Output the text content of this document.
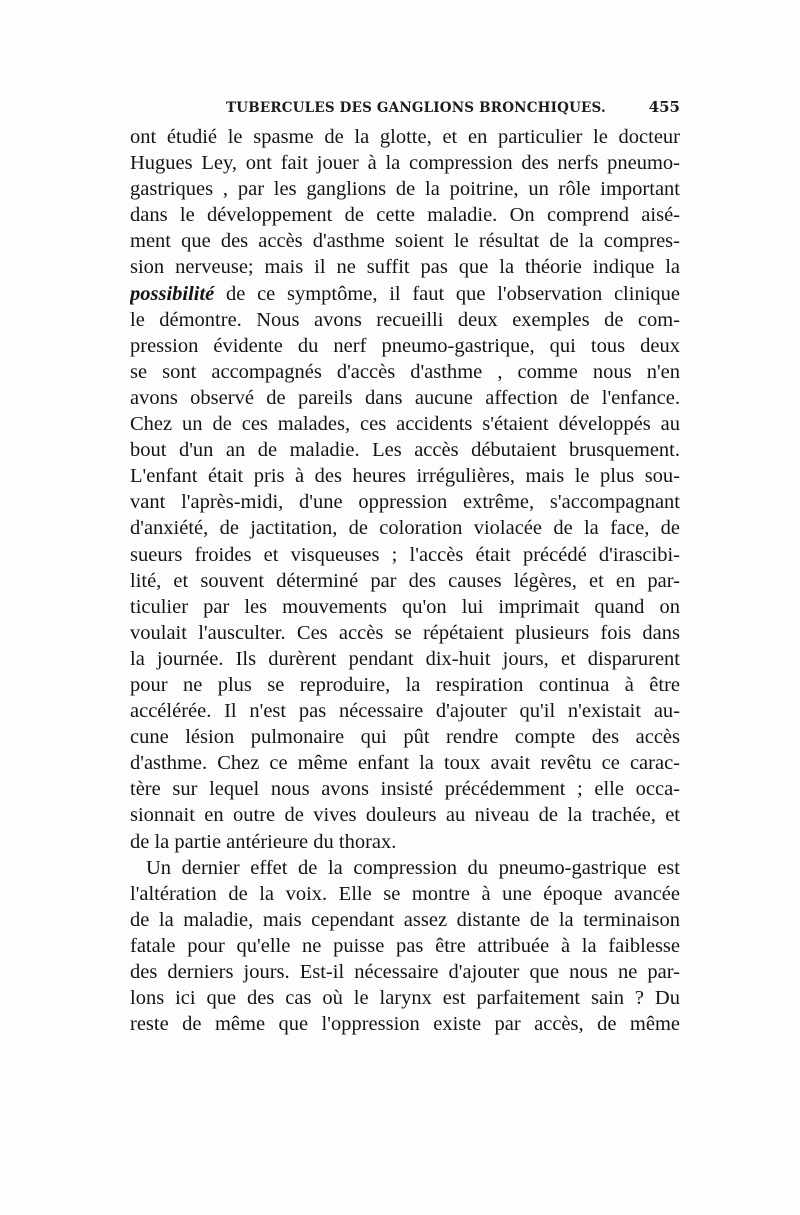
TUBERCULES DES GANGLIONS BRONCHIQUES.	455
ont étudié le spasme de la glotte, et en particulier le docteur
Hugues Ley, ont fait jouer à la compression des nerfs pneumo-
gastriques , par les ganglions de la poitrine, un rôle important
dans le développement de cette maladie. On comprend aisé-
ment que des accès d'asthme soient le résultat de la compres-
sion nerveuse; mais il ne suffit pas que la théorie indique la
possibilité de ce symptôme, il faut que l'observation clinique
le démontre. Nous avons recueilli deux exemples de com-
pression évidente du nerf pneumo-gastrique, qui tous deux
se sont accompagnés d'accès d'asthme , comme nous n'en
avons observé de pareils dans aucune affection de l'enfance.
Chez un de ces malades, ces accidents s'étaient développés au
bout d'un an de maladie. Les accès débutaient brusquement.
L'enfant était pris à des heures irrégulières, mais le plus sou-
vant l'après-midi, d'une oppression extrême, s'accompagnant
d'anxiété, de jactitation, de coloration violacée de la face, de
sueurs froides et visqueuses ; l'accès était précédé d'irascibi-
lité, et souvent déterminé par des causes légères, et en par-
ticulier par les mouvements qu'on lui imprimait quand on
voulait l'ausculter. Ces accès se répétaient plusieurs fois dans
la journée. Ils durèrent pendant dix-huit jours, et disparurent
pour ne plus se reproduire, la respiration continua à être
accélérée. Il n'est pas nécessaire d'ajouter qu'il n'existait au-
cune lésion pulmonaire qui pût rendre compte des accès
d'asthme. Chez ce même enfant la toux avait revêtu ce carac-
tère sur lequel nous avons insisté précédemment ; elle occa-
sionnait en outre de vives douleurs au niveau de la trachée, et
de la partie antérieure du thorax.
Un dernier effet de la compression du pneumo-gastrique est
l'altération de la voix. Elle se montre à une époque avancée
de la maladie, mais cependant assez distante de la terminaison
fatale pour qu'elle ne puisse pas être attribuée à la faiblesse
des derniers jours. Est-il nécessaire d'ajouter que nous ne par-
lons ici que des cas où le larynx est parfaitement sain ? Du
reste de même que l'oppression existe par accès, de même
